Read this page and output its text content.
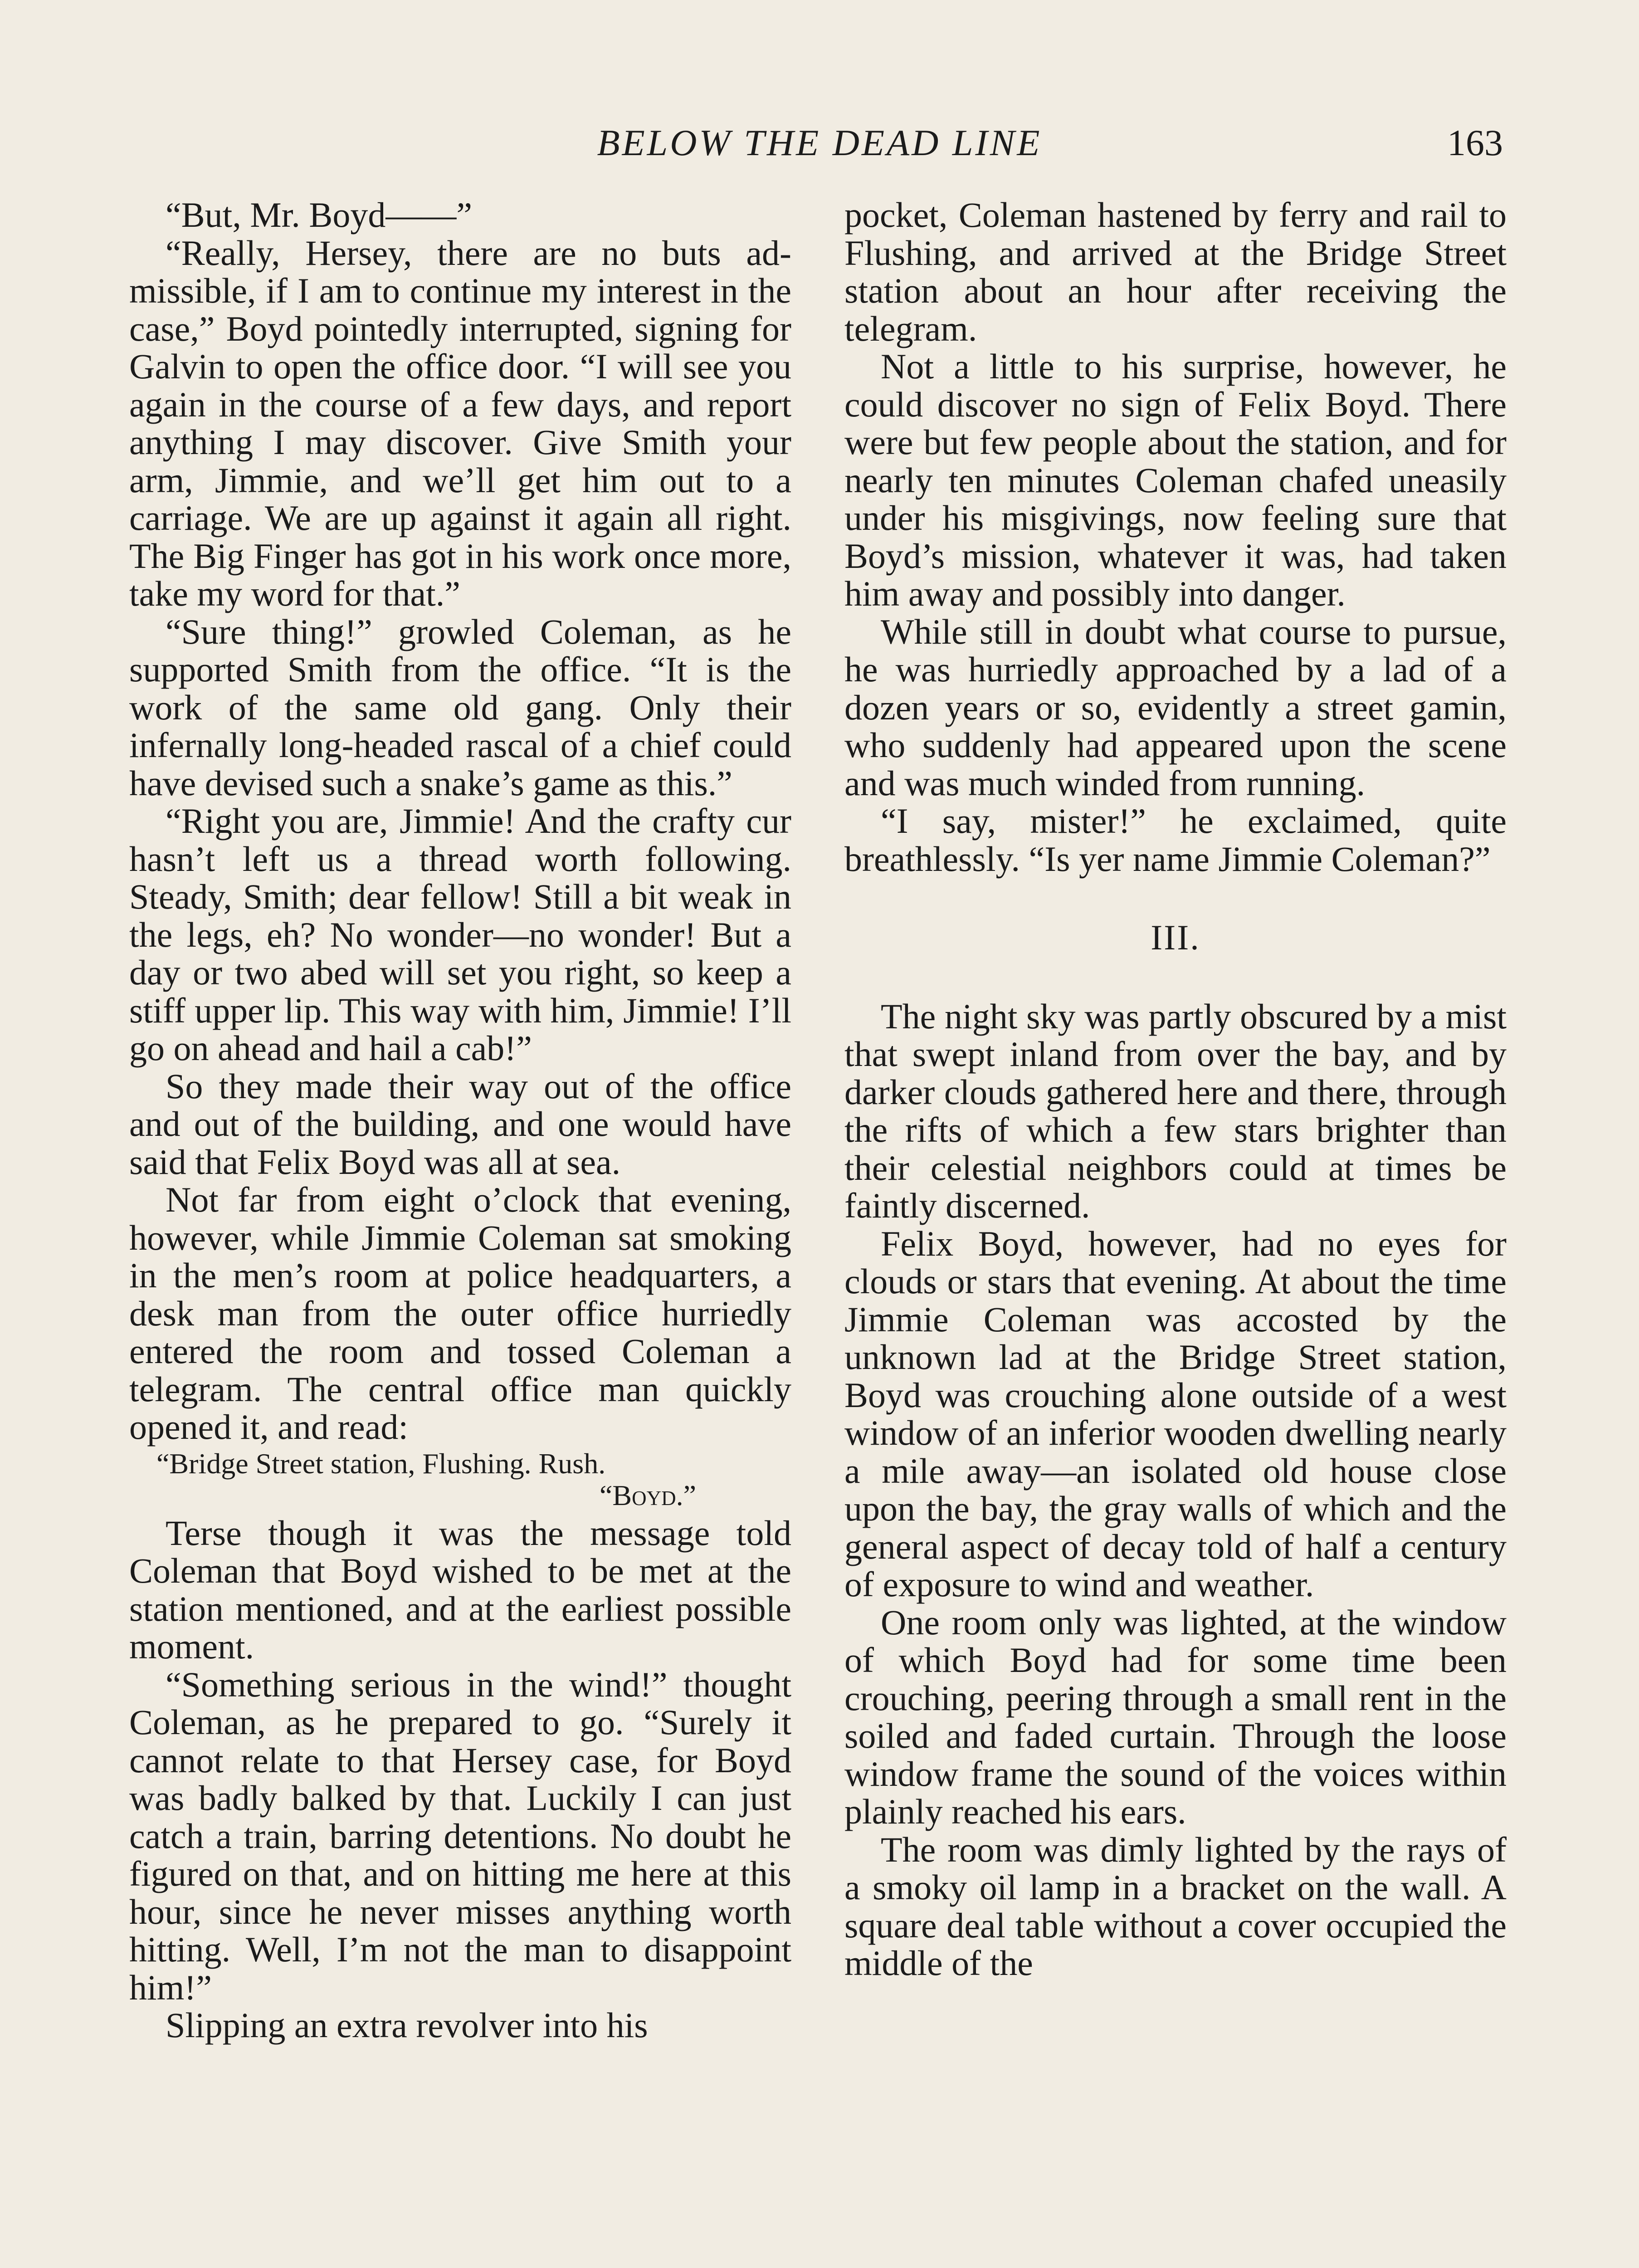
BELOW THE DEAD LINE	163

“But, Mr. Boyd——”

“Really, Hersey, there are no buts admissible, if I am to continue my interest in the case,” Boyd pointedly interrupted, signing for Galvin to open the office door. “I will see you again in the course of a few days, and report anything I may discover. Give Smith your arm, Jimmie, and we’ll get him out to a carriage. We are up against it again all right. The Big Finger has got in his work once more, take my word for that.”

“Sure thing!” growled Coleman, as he supported Smith from the office. “It is the work of the same old gang. Only their infernally long-headed rascal of a chief could have devised such a snake’s game as this.”

“Right you are, Jimmie! And the crafty cur hasn’t left us a thread worth following. Steady, Smith; dear fellow! Still a bit weak in the legs, eh? No wonder—no wonder! But a day or two abed will set you right, so keep a stiff upper lip. This way with him, Jimmie! I’ll go on ahead and hail a cab!”

So they made their way out of the office and out of the building, and one would have said that Felix Boyd was all at sea.

Not far from eight o’clock that evening, however, while Jimmie Coleman sat smoking in the men’s room at police headquarters, a desk man from the outer office hurriedly entered the room and tossed Coleman a telegram. The central office man quickly opened it, and read:

“Bridge Street station, Flushing. Rush.
“Boyd.”

Terse though it was the message told Coleman that Boyd wished to be met at the station mentioned, and at the earliest possible moment.

“Something serious in the wind!” thought Coleman, as he prepared to go. “Surely it cannot relate to that Hersey case, for Boyd was badly balked by that. Luckily I can just catch a train, barring detentions. No doubt he figured on that, and on hitting me here at this hour, since he never misses anything worth hitting. Well, I’m not the man to disappoint him!”

Slipping an extra revolver into his

pocket, Coleman hastened by ferry and rail to Flushing, and arrived at the Bridge Street station about an hour after receiving the telegram.

Not a little to his surprise, however, he could discover no sign of Felix Boyd. There were but few people about the station, and for nearly ten minutes Coleman chafed uneasily under his misgivings, now feeling sure that Boyd’s mission, whatever it was, had taken him away and possibly into danger.

While still in doubt what course to pursue, he was hurriedly approached by a lad of a dozen years or so, evidently a street gamin, who suddenly had appeared upon the scene and was much winded from running.

“I say, mister!” he exclaimed, quite breathlessly. “Is yer name Jimmie Coleman?”

III.

The night sky was partly obscured by a mist that swept inland from over the bay, and by darker clouds gathered here and there, through the rifts of which a few stars brighter than their celestial neighbors could at times be faintly discerned.

Felix Boyd, however, had no eyes for clouds or stars that evening. At about the time Jimmie Coleman was accosted by the unknown lad at the Bridge Street station, Boyd was crouching alone outside of a west window of an inferior wooden dwelling nearly a mile away—an isolated old house close upon the bay, the gray walls of which and the general aspect of decay told of half a century of exposure to wind and weather.

One room only was lighted, at the window of which Boyd had for some time been crouching, peering through a small rent in the soiled and faded curtain. Through the loose window frame the sound of the voices within plainly reached his ears.

The room was dimly lighted by the rays of a smoky oil lamp in a bracket on the wall. A square deal table without a cover occupied the middle of the
